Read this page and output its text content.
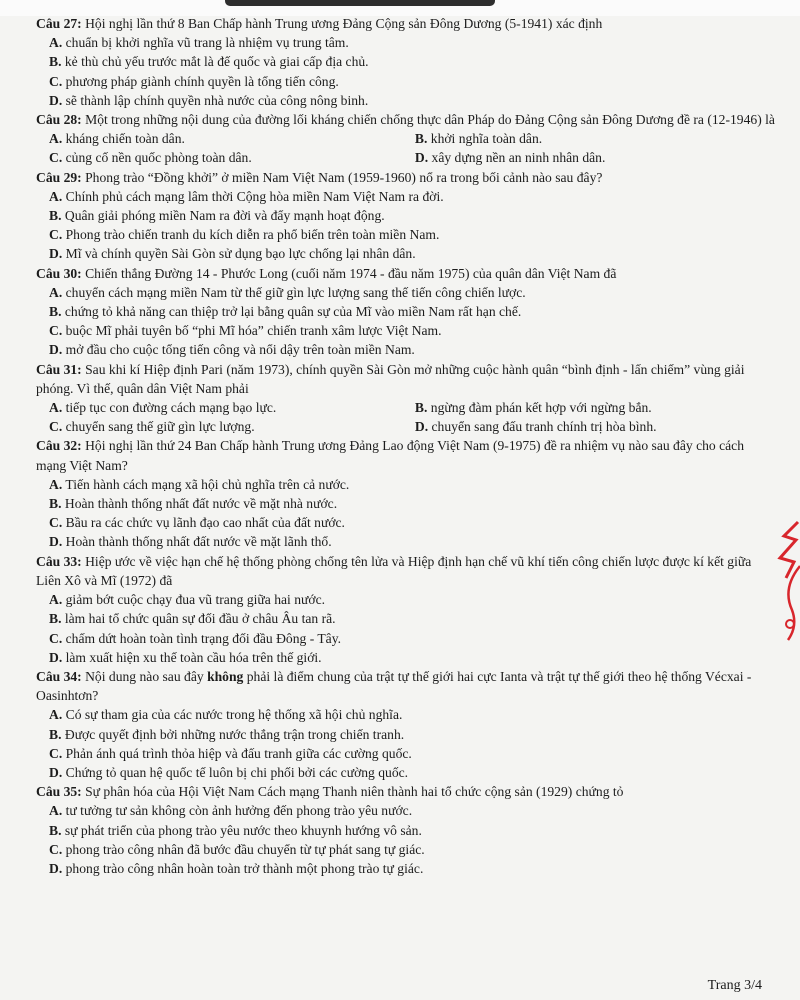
Câu 27: Hội nghị lần thứ 8 Ban Chấp hành Trung ương Đảng Cộng sản Đông Dương (5-1941) xác định
A. chuẩn bị khởi nghĩa vũ trang là nhiệm vụ trung tâm.
B. kẻ thù chủ yếu trước mắt là đế quốc và giai cấp địa chủ.
C. phương pháp giành chính quyền là tổng tiến công.
D. sẽ thành lập chính quyền nhà nước của công nông binh.
Câu 28: Một trong những nội dung của đường lối kháng chiến chống thực dân Pháp do Đảng Cộng sản Đông Dương đề ra (12-1946) là
A. kháng chiến toàn dân.	B. khởi nghĩa toàn dân.
C. củng cố nền quốc phòng toàn dân.	D. xây dựng nền an ninh nhân dân.
Câu 29: Phong trào “Đồng khởi” ở miền Nam Việt Nam (1959-1960) nổ ra trong bối cảnh nào sau đây?
A. Chính phủ cách mạng lâm thời Cộng hòa miền Nam Việt Nam ra đời.
B. Quân giải phóng miền Nam ra đời và đẩy mạnh hoạt động.
C. Phong trào chiến tranh du kích diễn ra phổ biến trên toàn miền Nam.
D. Mĩ và chính quyền Sài Gòn sử dụng bạo lực chống lại nhân dân.
Câu 30: Chiến thắng Đường 14 - Phước Long (cuối năm 1974 - đầu năm 1975) của quân dân Việt Nam đã
A. chuyển cách mạng miền Nam từ thế giữ gìn lực lượng sang thế tiến công chiến lược.
B. chứng tỏ khả năng can thiệp trở lại bằng quân sự của Mĩ vào miền Nam rất hạn chế.
C. buộc Mĩ phải tuyên bố “phi Mĩ hóa” chiến tranh xâm lược Việt Nam.
D. mở đầu cho cuộc tổng tiến công và nổi dậy trên toàn miền Nam.
Câu 31: Sau khi kí Hiệp định Pari (năm 1973), chính quyền Sài Gòn mở những cuộc hành quân “bình định - lấn chiếm” vùng giải phóng. Vì thế, quân dân Việt Nam phải
A. tiếp tục con đường cách mạng bạo lực.	B. ngừng đàm phán kết hợp với ngừng bắn.
C. chuyển sang thế giữ gìn lực lượng.	D. chuyển sang đấu tranh chính trị hòa bình.
Câu 32: Hội nghị lần thứ 24 Ban Chấp hành Trung ương Đảng Lao động Việt Nam (9-1975) đề ra nhiệm vụ nào sau đây cho cách mạng Việt Nam?
A. Tiến hành cách mạng xã hội chủ nghĩa trên cả nước.
B. Hoàn thành thống nhất đất nước về mặt nhà nước.
C. Bầu ra các chức vụ lãnh đạo cao nhất của đất nước.
D. Hoàn thành thống nhất đất nước về mặt lãnh thổ.
Câu 33: Hiệp ước về việc hạn chế hệ thống phòng chống tên lửa và Hiệp định hạn chế vũ khí tiến công chiến lược được kí kết giữa Liên Xô và Mĩ (1972) đã
A. giảm bớt cuộc chạy đua vũ trang giữa hai nước.
B. làm hai tổ chức quân sự đối đầu ở châu Âu tan rã.
C. chấm dứt hoàn toàn tình trạng đối đầu Đông - Tây.
D. làm xuất hiện xu thế toàn cầu hóa trên thế giới.
Câu 34: Nội dung nào sau đây không phải là điểm chung của trật tự thế giới hai cực Ianta và trật tự thế giới theo hệ thống Vécxai - Oasinhtơn?
A. Có sự tham gia của các nước trong hệ thống xã hội chủ nghĩa.
B. Được quyết định bởi những nước thắng trận trong chiến tranh.
C. Phản ánh quá trình thỏa hiệp và đấu tranh giữa các cường quốc.
D. Chứng tỏ quan hệ quốc tế luôn bị chi phối bởi các cường quốc.
Câu 35: Sự phân hóa của Hội Việt Nam Cách mạng Thanh niên thành hai tổ chức cộng sản (1929) chứng tỏ
A. tư tưởng tư sản không còn ảnh hưởng đến phong trào yêu nước.
B. sự phát triển của phong trào yêu nước theo khuynh hướng vô sản.
C. phong trào công nhân đã bước đầu chuyển từ tự phát sang tự giác.
D. phong trào công nhân hoàn toàn trở thành một phong trào tự giác.
Trang 3/4
